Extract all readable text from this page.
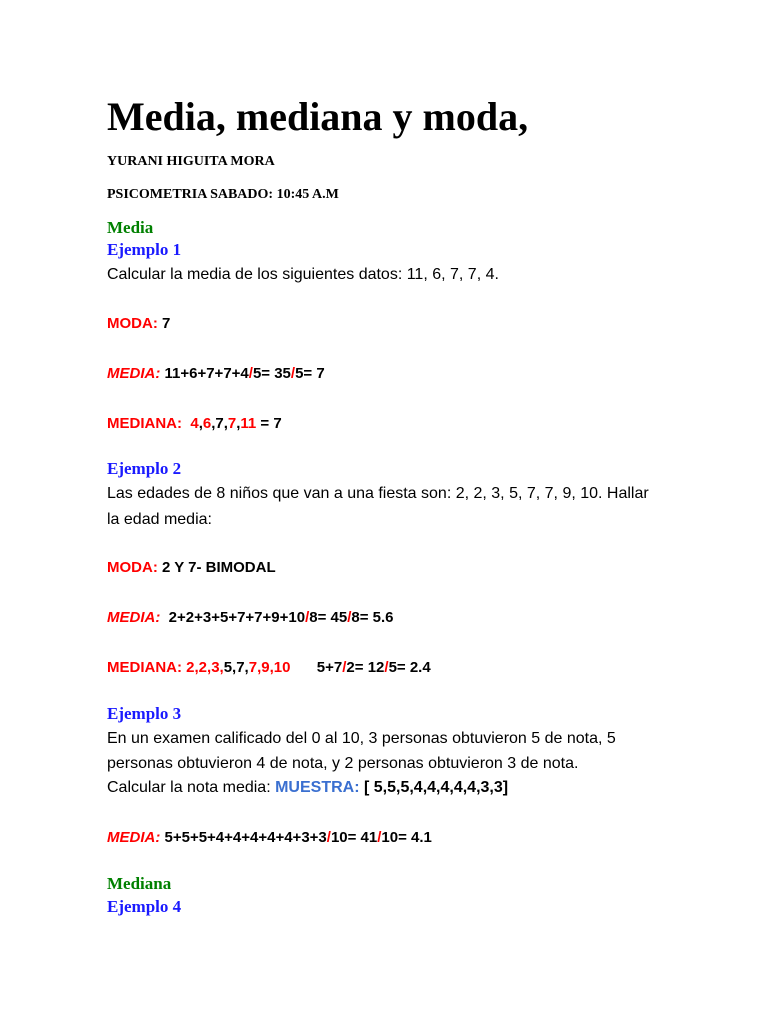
Media, mediana y moda,
YURANI HIGUITA MORA
PSICOMETRIA SABADO: 10:45 A.M
Media
Ejemplo 1
Calcular la media de los siguientes datos: 11, 6, 7, 7, 4.
MODA: 7
MEDIA: 11+6+7+7+4/5= 35/5= 7
MEDIANA: 4,6,7,7,11 = 7
Ejemplo 2
Las edades de 8 niños que van a una fiesta son: 2, 2, 3, 5, 7, 7, 9, 10. Hallar
la edad media:
MODA: 2 Y 7- BIMODAL
MEDIA: 2+2+3+5+7+7+9+10/8= 45/8= 5.6
MEDIANA: 2,2,3,5,7,7,9,10 5+7/2= 12/5= 2.4
Ejemplo 3
En un examen calificado del 0 al 10, 3 personas obtuvieron 5 de nota, 5
personas obtuvieron 4 de nota, y 2 personas obtuvieron 3 de nota.
Calcular la nota media: MUESTRA: [ 5,5,5,4,4,4,4,4,3,3]
MEDIA: 5+5+5+4+4+4+4+4+3+3/10= 41/10= 4.1
Mediana
Ejemplo 4
